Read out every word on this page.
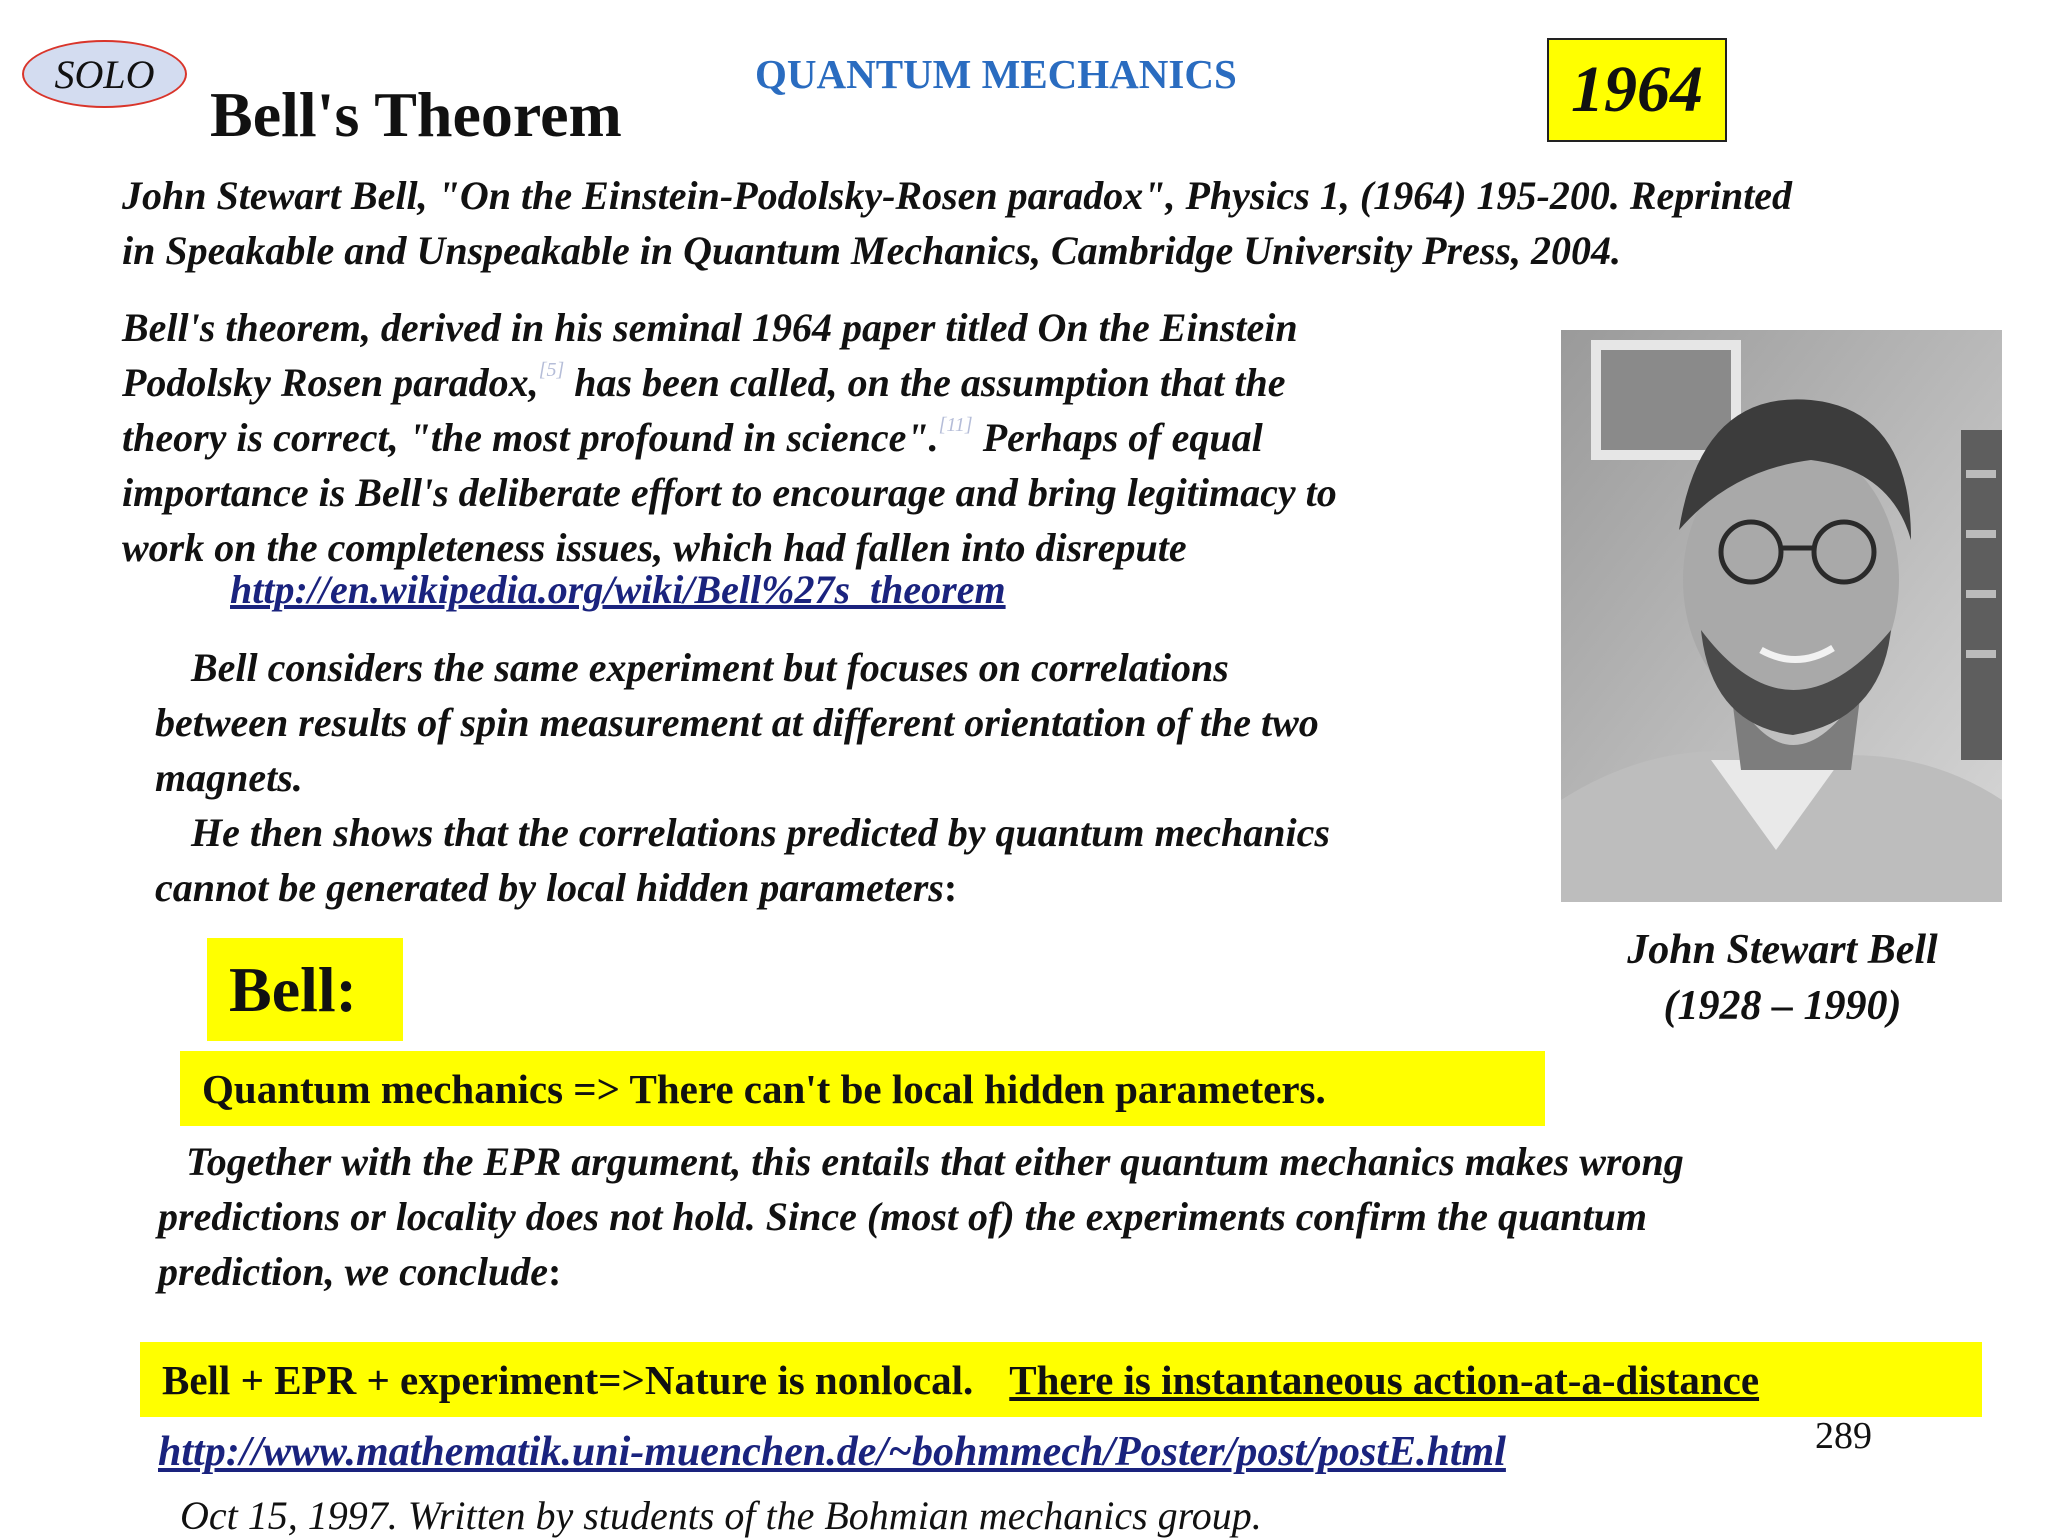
SOLO
Bell's Theorem
QUANTUM MECHANICS	1964
John Stewart Bell, "On the Einstein-Podolsky-Rosen paradox", Physics 1, (1964) 195-200. Reprinted
in Speakable and Unspeakable in Quantum Mechanics, Cambridge University Press, 2004.
Bell's theorem, derived in his seminal 1964 paper titled On the Einstein
Podolsky Rosen paradox,[5] has been called, on the assumption that the
theory is correct, "the most profound in science".[11] Perhaps of equal
importance is Bell's deliberate effort to encourage and bring legitimacy to
work on the completeness issues, which had fallen into disrepute
http://en.wikipedia.org/wiki/Bell%27s_theorem
Bell considers the same experiment but focuses on correlations
between results of spin measurement at different orientation of the two
magnets.
He then shows that the correlations predicted by quantum mechanics
cannot be generated by local hidden parameters:
John Stewart Bell
(1928 – 1990)
Bell:
Quantum mechanics => There can't be local hidden parameters.
Together with the EPR argument, this entails that either quantum mechanics makes wrong
predictions or locality does not hold. Since (most of) the experiments confirm the quantum
prediction, we conclude:
Bell + EPR + experiment=>Nature is nonlocal. There is instantaneous action-at-a-distance
289
http://www.mathematik.uni-muenchen.de/~bohmmech/Poster/post/postE.html
Oct 15, 1997. Written by students of the Bohmian mechanics group.
